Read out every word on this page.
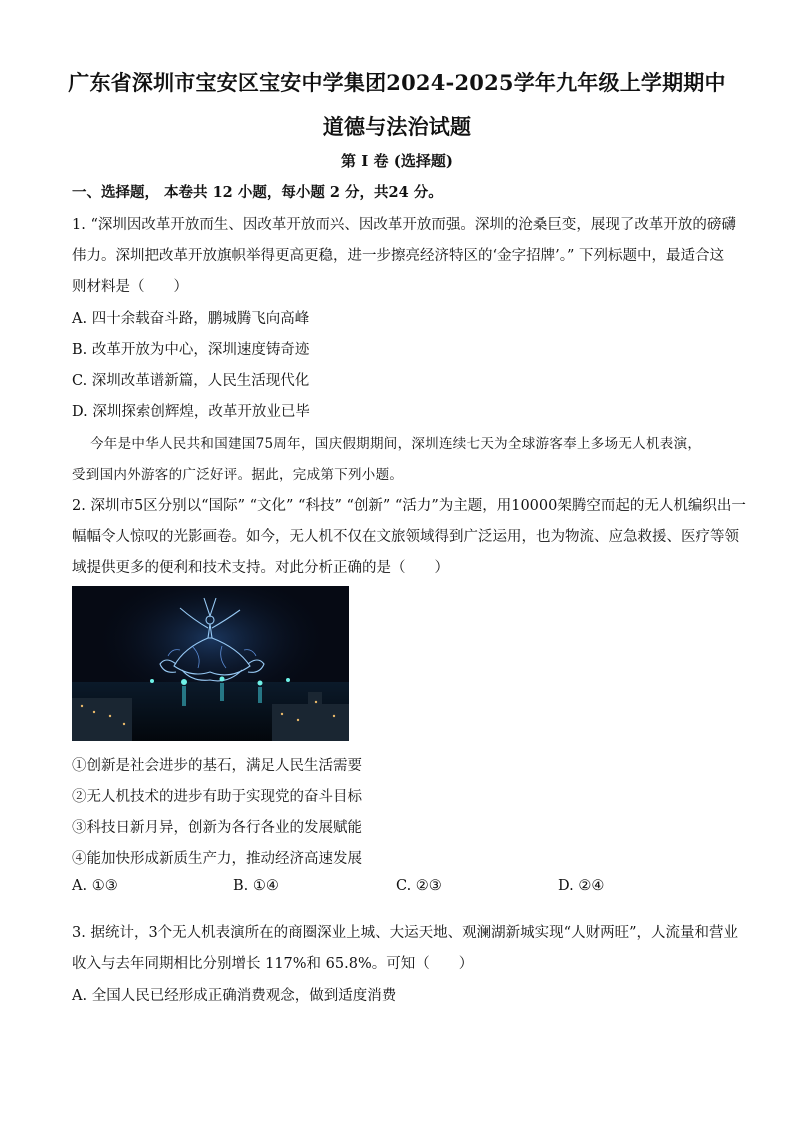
广东省深圳市宝安区宝安中学集团2024-2025学年九年级上学期期中
道德与法治试题
第 I 卷 (选择题)
一、选择题， 本卷共 12 小题，每小题 2 分，共24 分。
1. “深圳因改革开放而生、因改革开放而兴、因改革开放而强。深圳的沧桑巨变，展现了改革开放的磅礴
伟力。深圳把改革开放旗帜举得更高更稳，进一步擦亮经济特区的‘金字招牌’。” 下列标题中，最适合这
则材料是（　　）
A. 四十余载奋斗路，鹏城腾飞向高峰
B. 改革开放为中心，深圳速度铸奇迹
C. 深圳改革谱新篇，人民生活现代化
D. 深圳探索创辉煌，改革开放业已毕
今年是中华人民共和国建国75周年，国庆假期期间，深圳连续七天为全球游客奉上多场无人机表演，
受到国内外游客的广泛好评。据此，完成第下列小题。
2. 深圳市5区分别以“国际” “文化” “科技” “创新” “活力”为主题，用10000架腾空而起的无人机编织出一
幅幅令人惊叹的光影画卷。如今，无人机不仅在文旅领域得到广泛运用，也为物流、应急救援、医疗等领
域提供更多的便利和技术支持。对此分析正确的是（　　）
①创新是社会进步的基石，满足人民生活需要
②无人机技术的进步有助于实现党的奋斗目标
③科技日新月异，创新为各行各业的发展赋能
④能加快形成新质生产力，推动经济高速发展
A. ①③	B. ①④	C. ②③	D. ②④
3. 据统计，3个无人机表演所在的商圈深业上城、大运天地、观澜湖新城实现“人财两旺”，人流量和营业
收入与去年同期相比分别增长 117%和 65.8%。可知（　　）
A. 全国人民已经形成正确消费观念，做到适度消费
